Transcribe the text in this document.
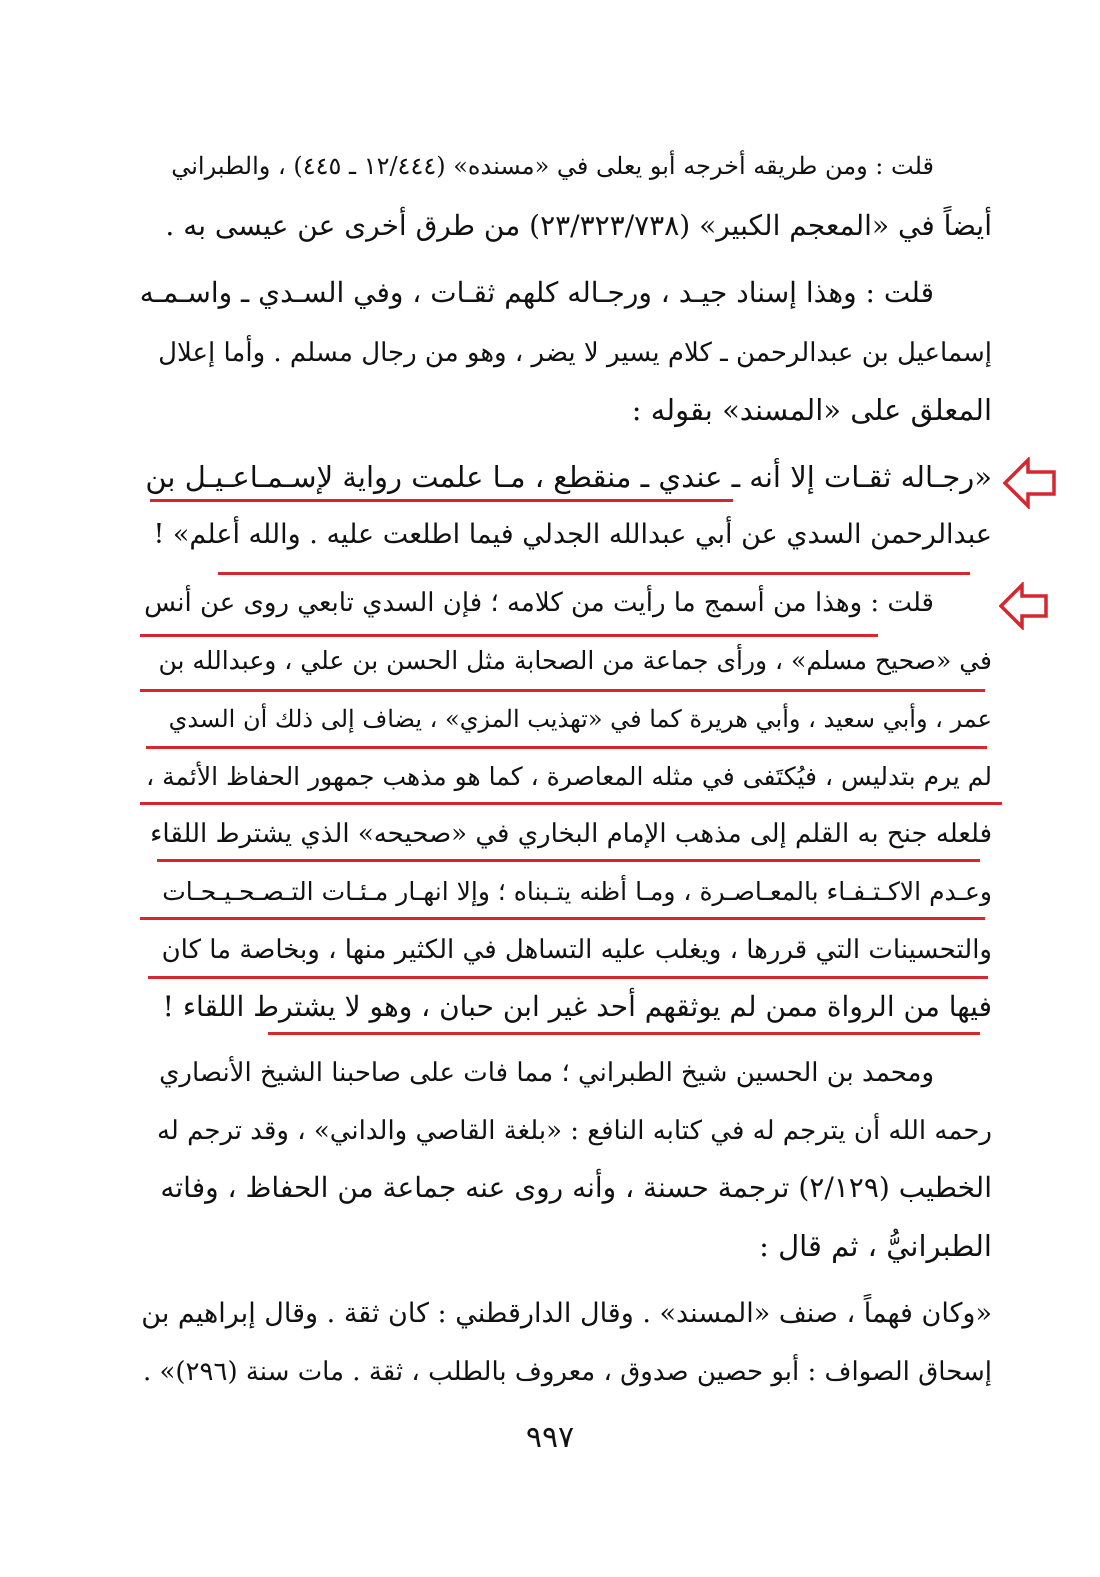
قلت : ومن طريقه أخرجه أبو يعلى في «مسنده» (١٢/٤٤٤ ـ ٤٤٥) ، والطبراني
أيضاً في «المعجم الكبير» (٢٣/٣٢٣/٧٣٨) من طرق أخرى عن عيسى به .
قلت : وهذا إسناد جيـد ، ورجـاله كلهم ثقـات ، وفي السـدي ـ واسـمـه
إسماعيل بن عبدالرحمن ـ كلام يسير لا يضر ، وهو من رجال مسلم . وأما إعلال
المعلق على «المسند» بقوله :
«رجـاله ثقـات إلا أنه ـ عندي ـ منقطع ، مـا علمت رواية لإسـمـاعـيـل بن
عبدالرحمن السدي عن أبي عبدالله الجدلي فيما اطلعت عليه . والله أعلم» !
قلت : وهذا من أسمج ما رأيت من كلامه ؛ فإن السدي تابعي روى عن أنس
في «صحيح مسلم» ، ورأى جماعة من الصحابة مثل الحسن بن علي ، وعبدالله بن
عمر ، وأبي سعيد ، وأبي هريرة كما في «تهذيب المزي» ، يضاف إلى ذلك أن السدي
لم يرم بتدليس ، فيُكتَفى في مثله المعاصرة ، كما هو مذهب جمهور الحفاظ الأئمة ،
فلعله جنح به القلم إلى مذهب الإمام البخاري في «صحيحه» الذي يشترط اللقاء
وعـدم الاكـتـفـاء بالمعـاصـرة ، ومـا أظنه يتـبناه ؛ وإلا انهـار مـئـات التـصـحـيـحـات
والتحسينات التي قررها ، ويغلب عليه التساهل في الكثير منها ، وبخاصة ما كان
فيها من الرواة ممن لم يوثقهم أحد غير ابن حبان ، وهو لا يشترط اللقاء !
ومحمد بن الحسين شيخ الطبراني ؛ مما فات على صاحبنا الشيخ الأنصاري
رحمه الله أن يترجم له في كتابه النافع : «بلغة القاصي والداني» ، وقد ترجم له
الخطيب (٢/١٢٩) ترجمة حسنة ، وأنه روى عنه جماعة من الحفاظ ، وفاته
الطبرانيُّ ، ثم قال :
«وكان فهماً ، صنف «المسند» . وقال الدارقطني : كان ثقة . وقال إبراهيم بن
إسحاق الصواف : أبو حصين صدوق ، معروف بالطلب ، ثقة . مات سنة (٢٩٦)» .
٩٩٧
